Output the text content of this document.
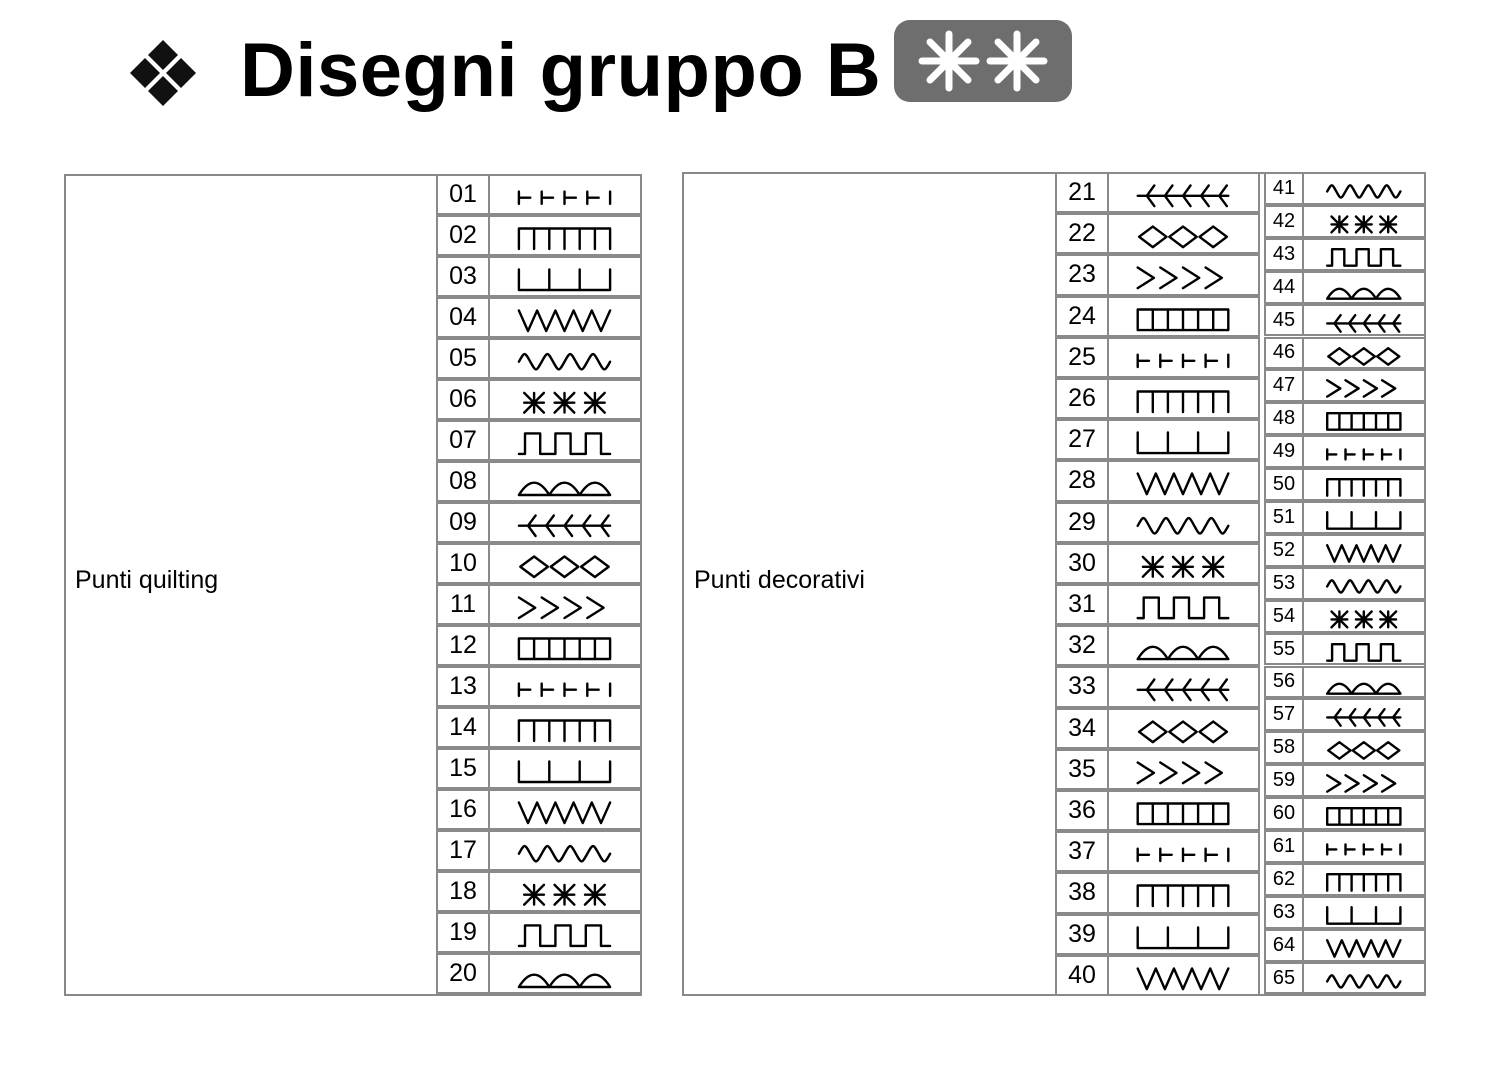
Disegni gruppo B
Punti quilting
01
02
03
04
05
06
07
08
09
10
11
12
13
14
15
16
17
18
19
20
Punti decorativi
21
22
23
24
25
26
27
28
29
30
31
32
33
34
35
36
37
38
39
40
41
42
43
44
45
46
47
48
49
50
51
52
53
54
55
56
57
58
59
60
61
62
63
64
65
